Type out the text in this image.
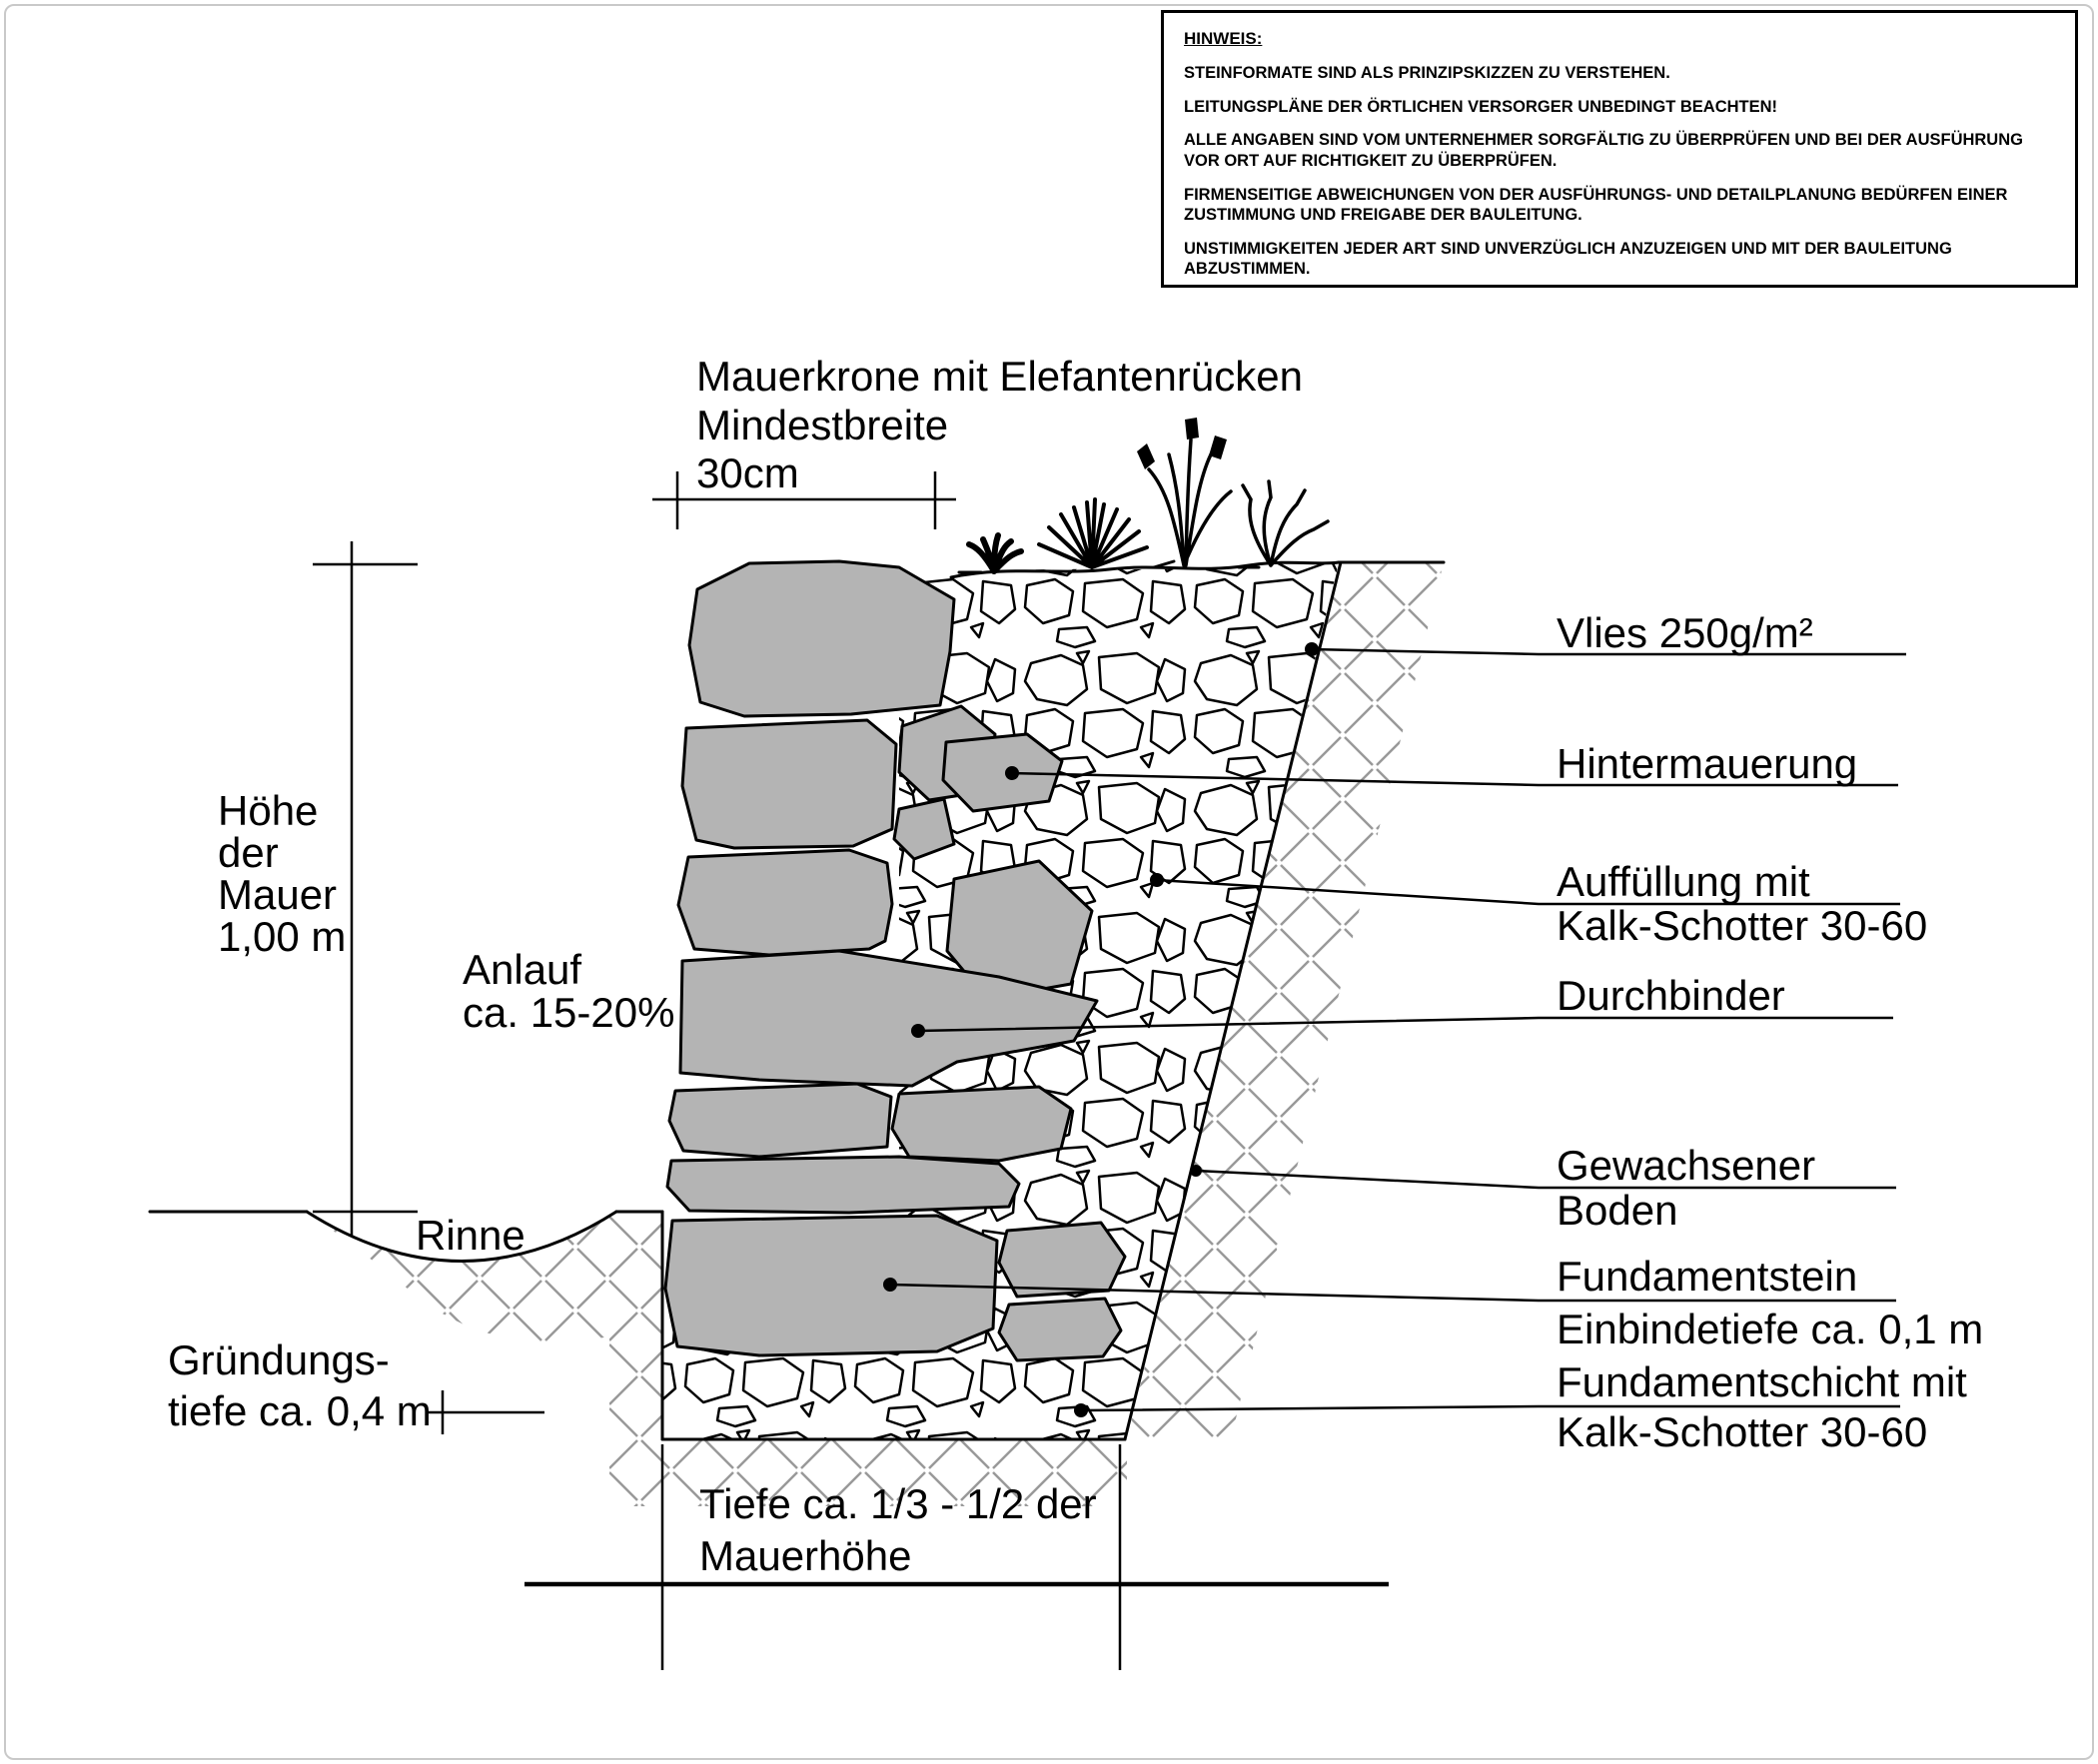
HINWEIS:

STEINFORMATE SIND ALS PRINZIPSKIZZEN ZU VERSTEHEN.

LEITUNGSPLÄNE DER ÖRTLICHEN VERSORGER UNBEDINGT BEACHTEN!

ALLE ANGABEN SIND VOM UNTERNEHMER SORGFÄLTIG ZU ÜBERPRÜFEN UND BEI DER AUSFÜHRUNG VOR ORT AUF RICHTIGKEIT ZU ÜBERPRÜFEN.

FIRMENSEITIGE ABWEICHUNGEN VON DER AUSFÜHRUNGS- UND DETAILPLANUNG BEDÜRFEN EINER ZUSTIMMUNG UND FREIGABE DER BAULEITUNG.

UNSTIMMIGKEITEN JEDER ART SIND UNVERZÜGLICH ANZUZEIGEN UND MIT DER BAULEITUNG ABZUSTIMMEN.

Mauerkrone mit Elefantenrücken
Mindestbreite
30cm
Höhe
der
Mauer
1,00 m
Anlauf
ca. 15-20%
Rinne
Gründungs-
tiefe ca. 0,4 m
Vlies 250g/m²
Hintermauerung
Auffüllung mit
Kalk-Schotter 30-60
Durchbinder
Gewachsener
Boden
Fundamentstein
Einbindetiefe ca. 0,1 m
Fundamentschicht mit
Kalk-Schotter 30-60
Tiefe ca. 1/3 - 1/2 der
Mauerhöhe
